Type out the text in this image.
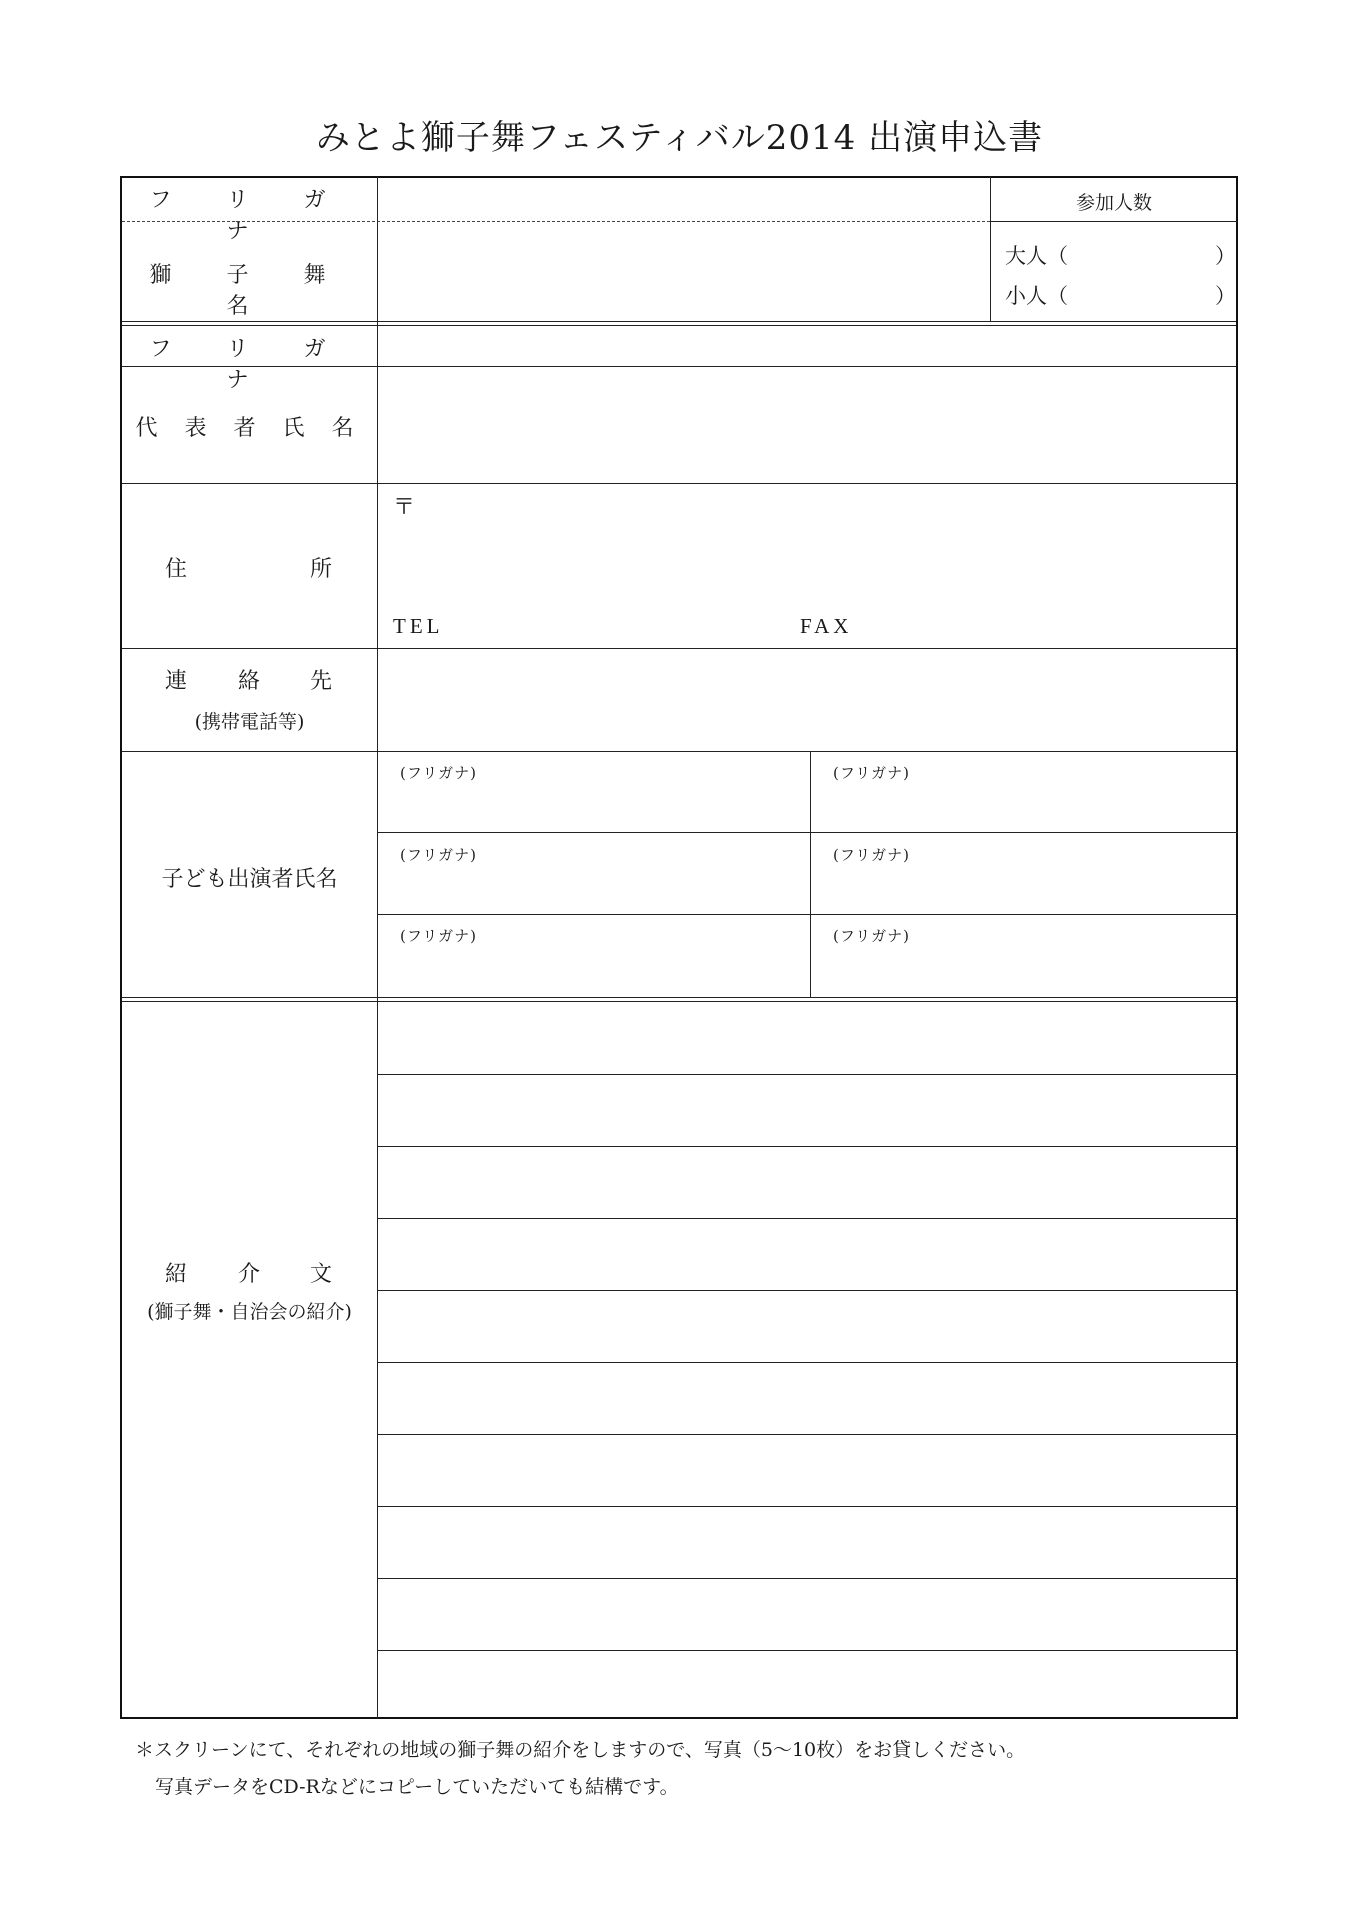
みとよ獅子舞フェスティバル2014 出演申込書
フ リ ガ ナ
参加人数
大人（	）
小人（	）
獅 子 舞 名
フ リ ガ ナ
代 表 者 氏 名
住	所
〒
TEL	FAX
連 絡 先
(携帯電話等)
子ども出演者氏名
(フリガナ)	(フリガナ)
(フリガナ)	(フリガナ)
(フリガナ)	(フリガナ)
紹 介 文
(獅子舞・自治会の紹介)
＊スクリーンにて、それぞれの地域の獅子舞の紹介をしますので、写真（5～10枚）をお貸しください。
写真データをCD-Rなどにコピーしていただいても結構です。
